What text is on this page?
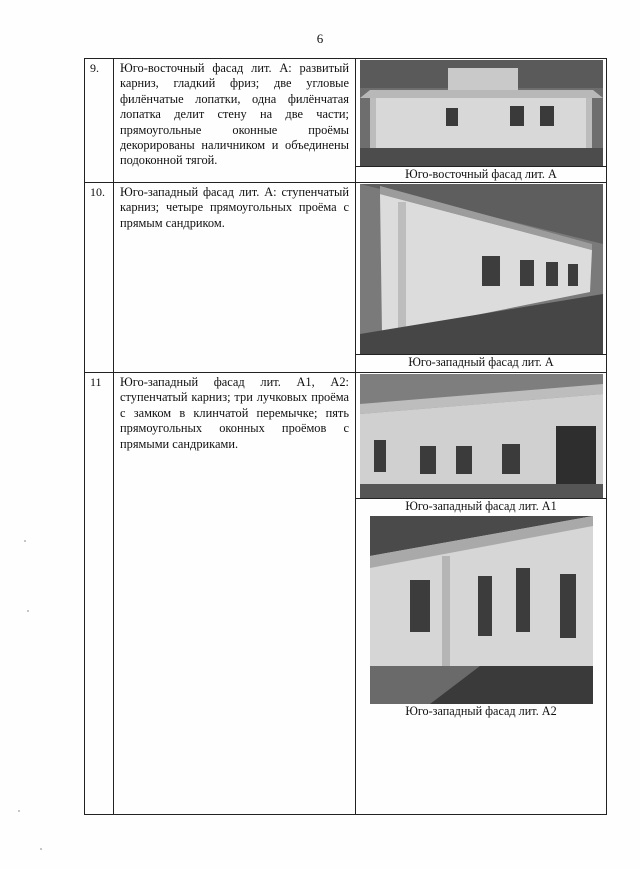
6
9.	Юго-восточный фасад лит. А: развитый карниз, гладкий фриз; две угловые филёнчатые лопатки, одна филёнчатая лопатка делит стену на две части; прямоугольные оконные проёмы декорированы наличником и объединены подоконной тягой.	Юго-восточный фасад лит. А

10.	Юго-западный фасад лит. А: ступенчатый карниз; четыре прямоугольных проёма с прямым сандриком.	Юго-западный фасад лит. А

11	Юго-западный фасад лит. А1, А2: ступенчатый карниз; три лучковых проёма с замком в клинчатой перемычке; пять прямоугольных оконных проёмов с прямыми сандриками.	Юго-западный фасад лит. А1
Юго-западный фасад лит. А2
